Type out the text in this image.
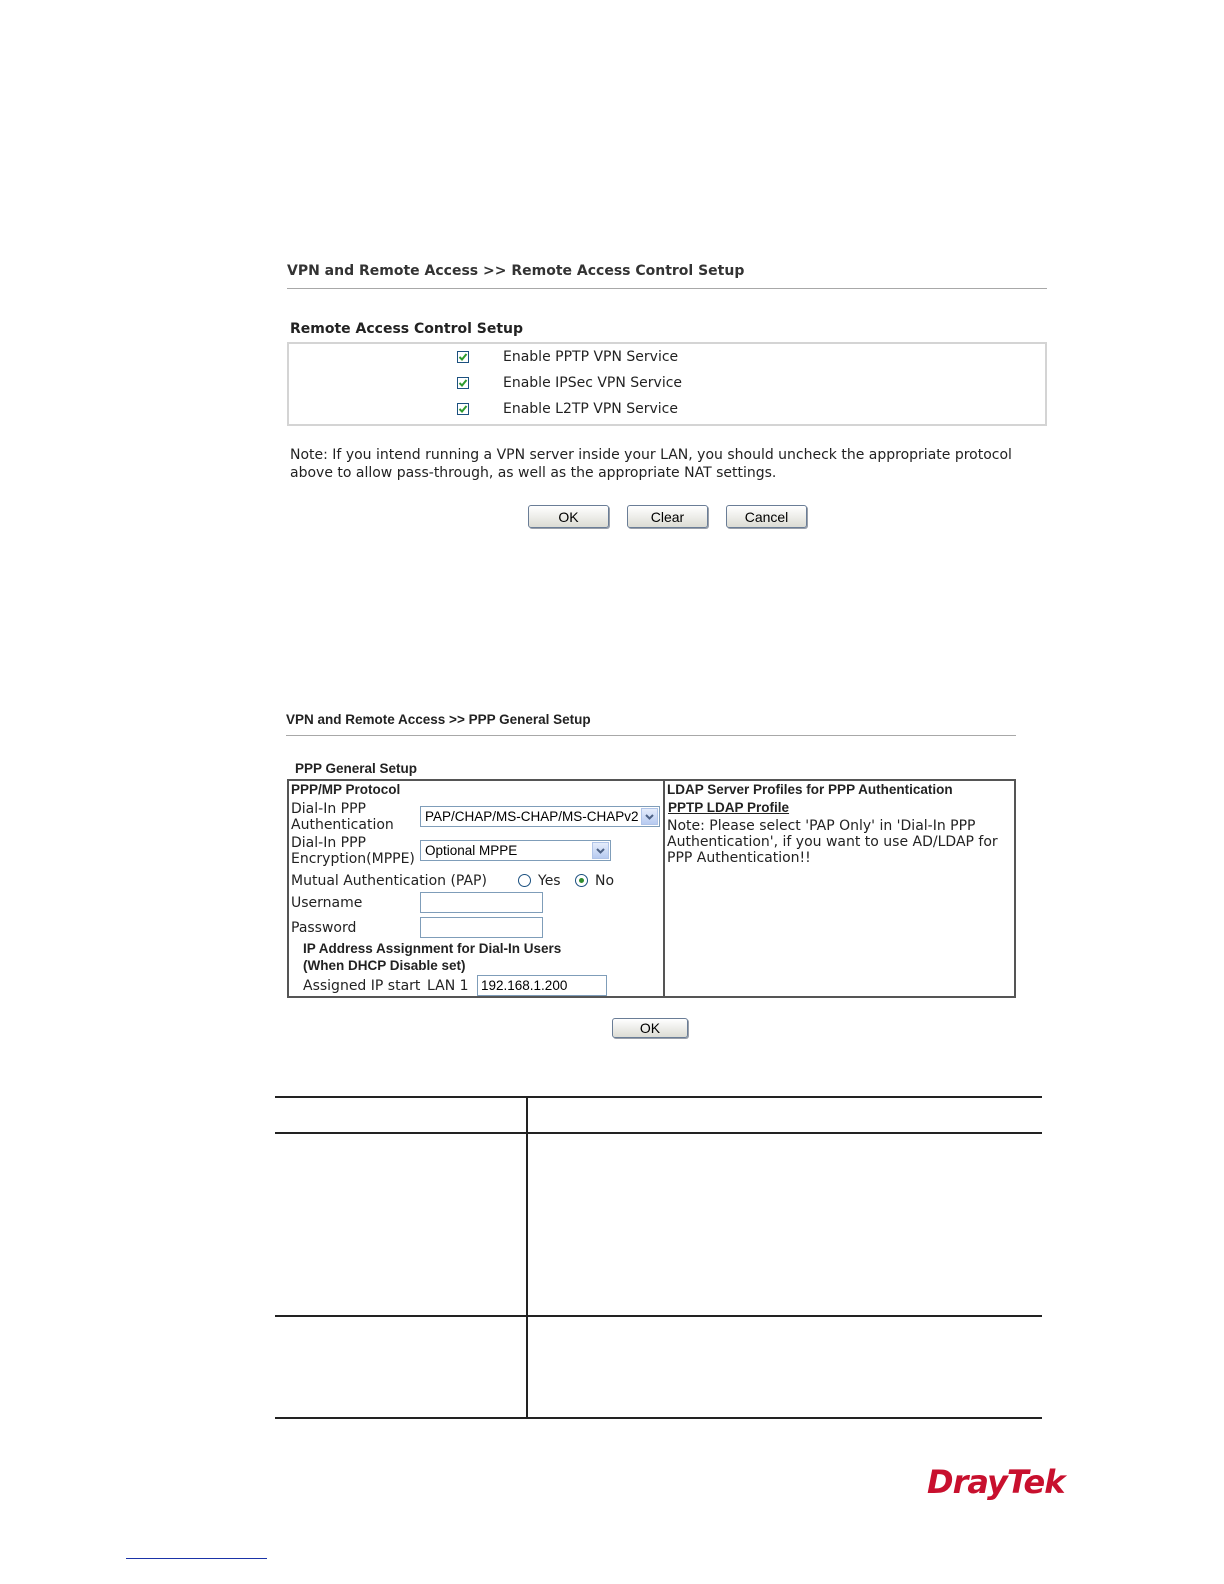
VPN and Remote Access >> Remote Access Control Setup
Remote Access Control Setup
Enable PPTP VPN Service
Enable IPSec VPN Service
Enable L2TP VPN Service
Note: If you intend running a VPN server inside your LAN, you should uncheck the appropriate protocol
above to allow pass-through, as well as the appropriate NAT settings.
OK	Clear	Cancel
VPN and Remote Access >> PPP General Setup
PPP General Setup
PPP/MP Protocol
Dial-In PPP
Authentication
PAP/CHAP/MS-CHAP/MS-CHAPv2
Dial-In PPP
Encryption(MPPE)
Optional MPPE
Mutual Authentication (PAP)	Yes No
Username
Password
IP Address Assignment for Dial-In Users
(When DHCP Disable set)
Assigned IP start LAN 1 192.168.1.200
LDAP Server Profiles for PPP Authentication
PPTP LDAP Profile
Note: Please select 'PAP Only' in 'Dial-In PPP
Authentication', if you want to use AD/LDAP for
PPP Authentication!!
OK
DrayTek
